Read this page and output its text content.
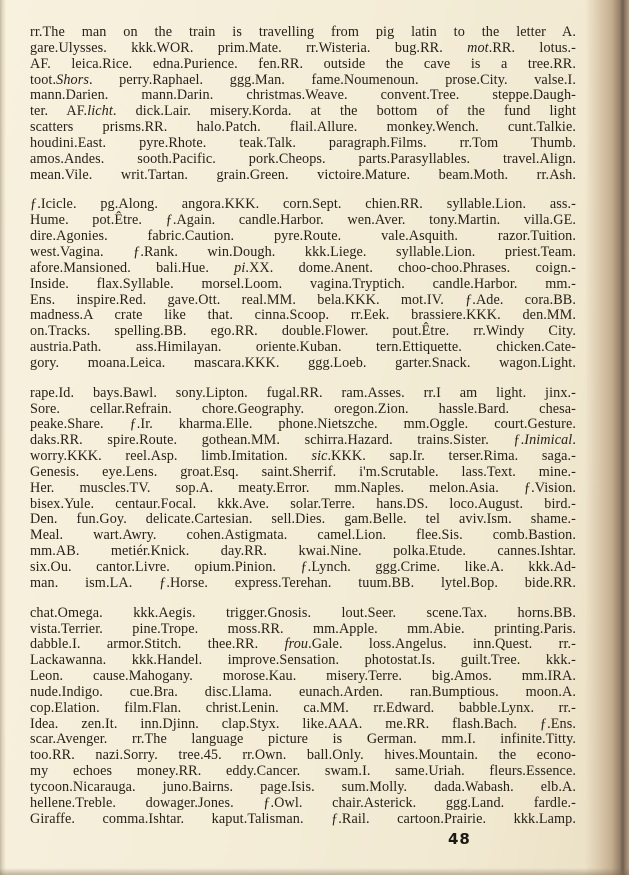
rr.The man on the train is travelling from pig latin to the letter A.
gare.Ulysses. kkk.WOR. prim.Mate. rr.Wisteria. bug.RR. mot.RR. lotus.-
AF. leica.Rice. edna.Purience. fen.RR. outside the cave is a tree.RR.
toot.Shors. perry.Raphael. ggg.Man. fame.Noumenoun. prose.City. valse.I.
mann.Darien. mann.Darin. christmas.Weave. convent.Tree. steppe.Daugh-
ter. AF.licht. dick.Lair. misery.Korda. at the bottom of the fund light
scatters prisms.RR. halo.Patch. flail.Allure. monkey.Wench. cunt.Talkie.
houdini.East. pyre.Rhote. teak.Talk. paragraph.Films. rr.Tom Thumb.
amos.Andes. sooth.Pacific. pork.Cheops. parts.Parasyllables. travel.Align.
mean.Vile. writ.Tartan. grain.Green. victoire.Mature. beam.Moth. rr.Ash.
ƒ.Icicle. pg.Along. angora.KKK. corn.Sept. chien.RR. syllable.Lion. ass.-
Hume. pot.Être. ƒ.Again. candle.Harbor. wen.Aver. tony.Martin. villa.GE.
dire.Agonies. fabric.Caution. pyre.Route. vale.Asquith. razor.Tuition.
west.Vagina. ƒ.Rank. win.Dough. kkk.Liege. syllable.Lion. priest.Team.
afore.Mansioned. bali.Hue. pi.XX. dome.Anent. choo-choo.Phrases. coign.-
Inside. flax.Syllable. morsel.Loom. vagina.Tryptich. candle.Harbor. mm.-
Ens. inspire.Red. gave.Ott. real.MM. bela.KKK. mot.IV. ƒ.Ade. cora.BB.
madness.A crate like that. cinna.Scoop. rr.Eek. brassiere.KKK. den.MM.
on.Tracks. spelling.BB. ego.RR. double.Flower. pout.Être. rr.Windy City.
austria.Path. ass.Himilayan. oriente.Kuban. tern.Ettiquette. chicken.Cate-
gory. moana.Leica. mascara.KKK. ggg.Loeb. garter.Snack. wagon.Light.
rape.Id. bays.Bawl. sony.Lipton. fugal.RR. ram.Asses. rr.I am light. jinx.-
Sore. cellar.Refrain. chore.Geography. oregon.Zion. hassle.Bard. chesa-
peake.Share. ƒ.Ir. kharma.Elle. phone.Nietszche. mm.Oggle. court.Gesture.
daks.RR. spire.Route. gothean.MM. schirra.Hazard. trains.Sister. ƒ.Inimical.
worry.KKK. reel.Asp. limb.Imitation. sic.KKK. sap.Ir. terser.Rima. saga.-
Genesis. eye.Lens. groat.Esq. saint.Sherrif. i'm.Scrutable. lass.Text. mine.-
Her. muscles.TV. sop.A. meaty.Error. mm.Naples. melon.Asia. ƒ.Vision.
bisex.Yule. centaur.Focal. kkk.Ave. solar.Terre. hans.DS. loco.August. bird.-
Den. fun.Goy. delicate.Cartesian. sell.Dies. gam.Belle. tel aviv.Ism. shame.-
Meal. wart.Awry. cohen.Astigmata. camel.Lion. flee.Sis. comb.Bastion.
mm.AB. metiér.Knick. day.RR. kwai.Nine. polka.Etude. cannes.Ishtar.
six.Ou. cantor.Livre. opium.Pinion. ƒ.Lynch. ggg.Crime. like.A. kkk.Ad-
man. ism.LA. ƒ.Horse. express.Terehan. tuum.BB. lytel.Bop. bide.RR.
chat.Omega. kkk.Aegis. trigger.Gnosis. lout.Seer. scene.Tax. horns.BB.
vista.Terrier. pine.Trope. moss.RR. mm.Apple. mm.Abie. printing.Paris.
dabble.I. armor.Stitch. thee.RR. frou.Gale. loss.Angelus. inn.Quest. rr.-
Lackawanna. kkk.Handel. improve.Sensation. photostat.Is. guilt.Tree. kkk.-
Leon. cause.Mahogany. morose.Kau. misery.Terre. big.Amos. mm.IRA.
nude.Indigo. cue.Bra. disc.Llama. eunach.Arden. ran.Bumptious. moon.A.
cop.Elation. film.Flan. christ.Lenin. ca.MM. rr.Edward. babble.Lynx. rr.-
Idea. zen.It. inn.Djinn. clap.Styx. like.AAA. me.RR. flash.Bach. ƒ.Ens.
scar.Avenger. rr.The language picture is German. mm.I. infinite.Titty.
too.RR. nazi.Sorry. tree.45. rr.Own. ball.Only. hives.Mountain. the econo-
my echoes money.RR. eddy.Cancer. swam.I. same.Uriah. fleurs.Essence.
tycoon.Nicarauga. juno.Bairns. page.Isis. sum.Molly. dada.Wabash. elb.A.
hellene.Treble. dowager.Jones. ƒ.Owl. chair.Asterick. ggg.Land. fardle.-
Giraffe. comma.Ishtar. kaput.Talisman. ƒ.Rail. cartoon.Prairie. kkk.Lamp.
48
